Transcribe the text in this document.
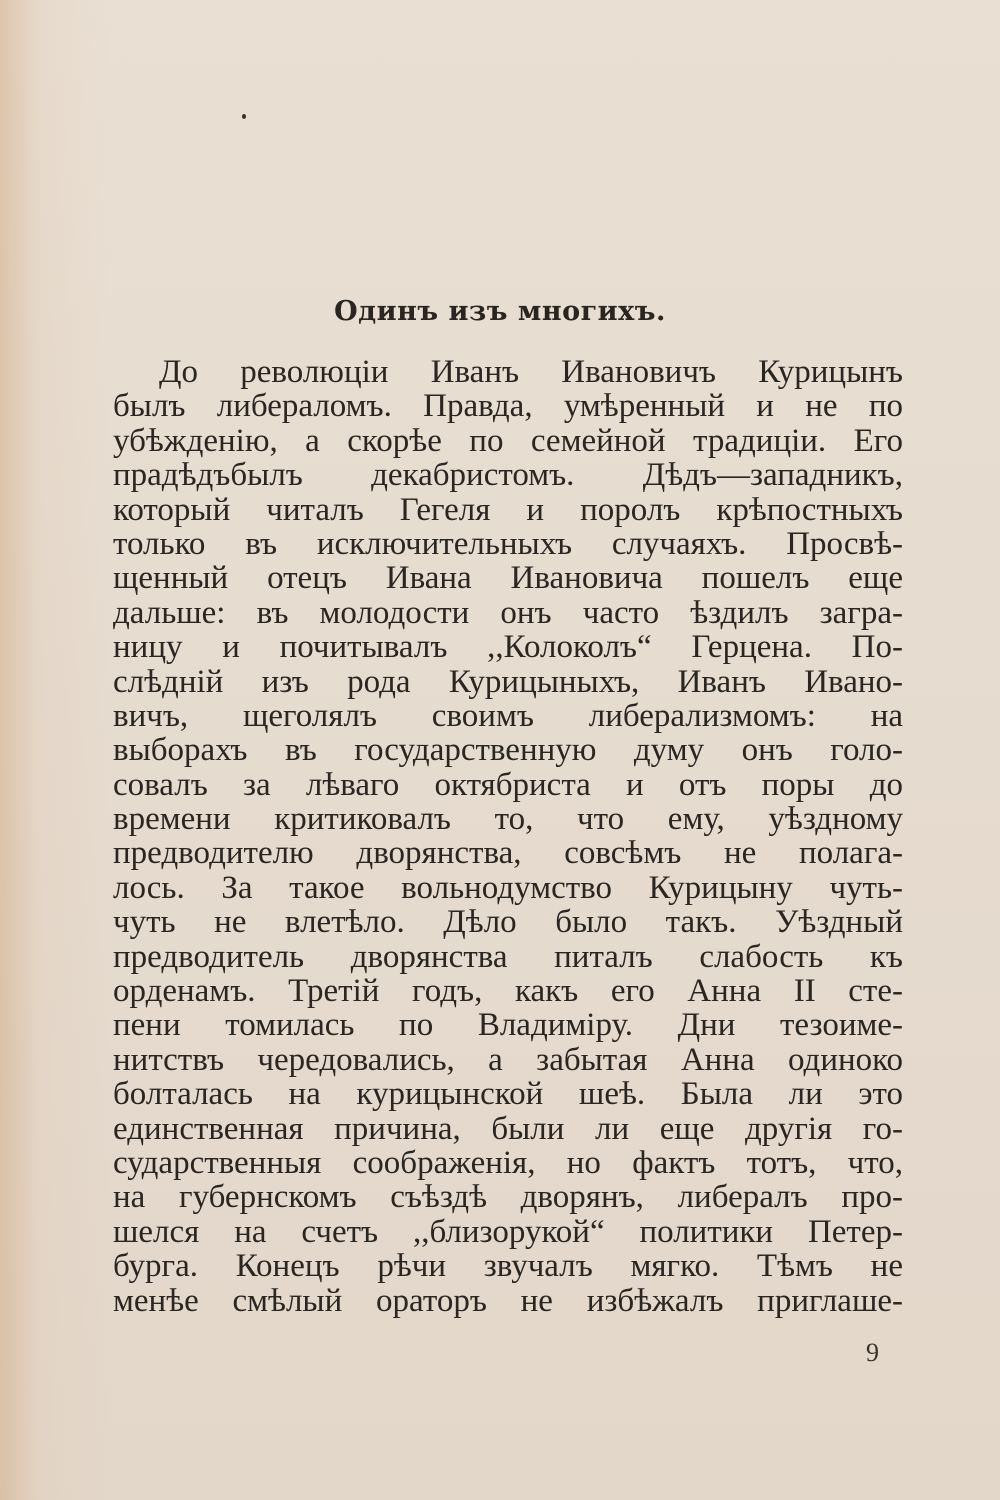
Одинъ изъ многихъ.
До революціи Иванъ Ивановичъ Курицынъ
былъ либераломъ. Правда, умѣренный и не по
убѣжденію, а скорѣе по семейной традиціи. Его
прадѣдъбылъ декабристомъ. Дѣдъ—западникъ,
который читалъ Гегеля и поролъ крѣпостныхъ
только въ исключительныхъ случаяхъ. Просвѣ-
щенный отецъ Ивана Ивановича пошелъ еще
дальше: въ молодости онъ часто ѣздилъ загра-
ницу и почитывалъ ,,Колоколъ“ Герцена. По-
слѣдній изъ рода Курицыныхъ, Иванъ Ивано-
вичъ, щеголялъ своимъ либерализмомъ: на
выборахъ въ государственную думу онъ голо-
совалъ за лѣваго октябриста и отъ поры до
времени критиковалъ то, что ему, уѣздному
предводителю дворянства, совсѣмъ не полага-
лось. За такое вольнодумство Курицыну чуть-
чуть не влетѣло. Дѣло было такъ. Уѣздный
предводитель дворянства питалъ слабость къ
орденамъ. Третій годъ, какъ его Анна II сте-
пени томилась по Владиміру. Дни тезоиме-
нитствъ чередовались, а забытая Анна одиноко
болталась на курицынской шеѣ. Была ли это
единственная причина, были ли еще другія го-
сударственныя соображенія, но фактъ тотъ, что,
на губернскомъ съѣздѣ дворянъ, либералъ про-
шелся на счетъ ,,близорукой“ политики Петер-
бурга. Конецъ рѣчи звучалъ мягко. Тѣмъ не
менѣе смѣлый ораторъ не избѣжалъ приглаше-
9
